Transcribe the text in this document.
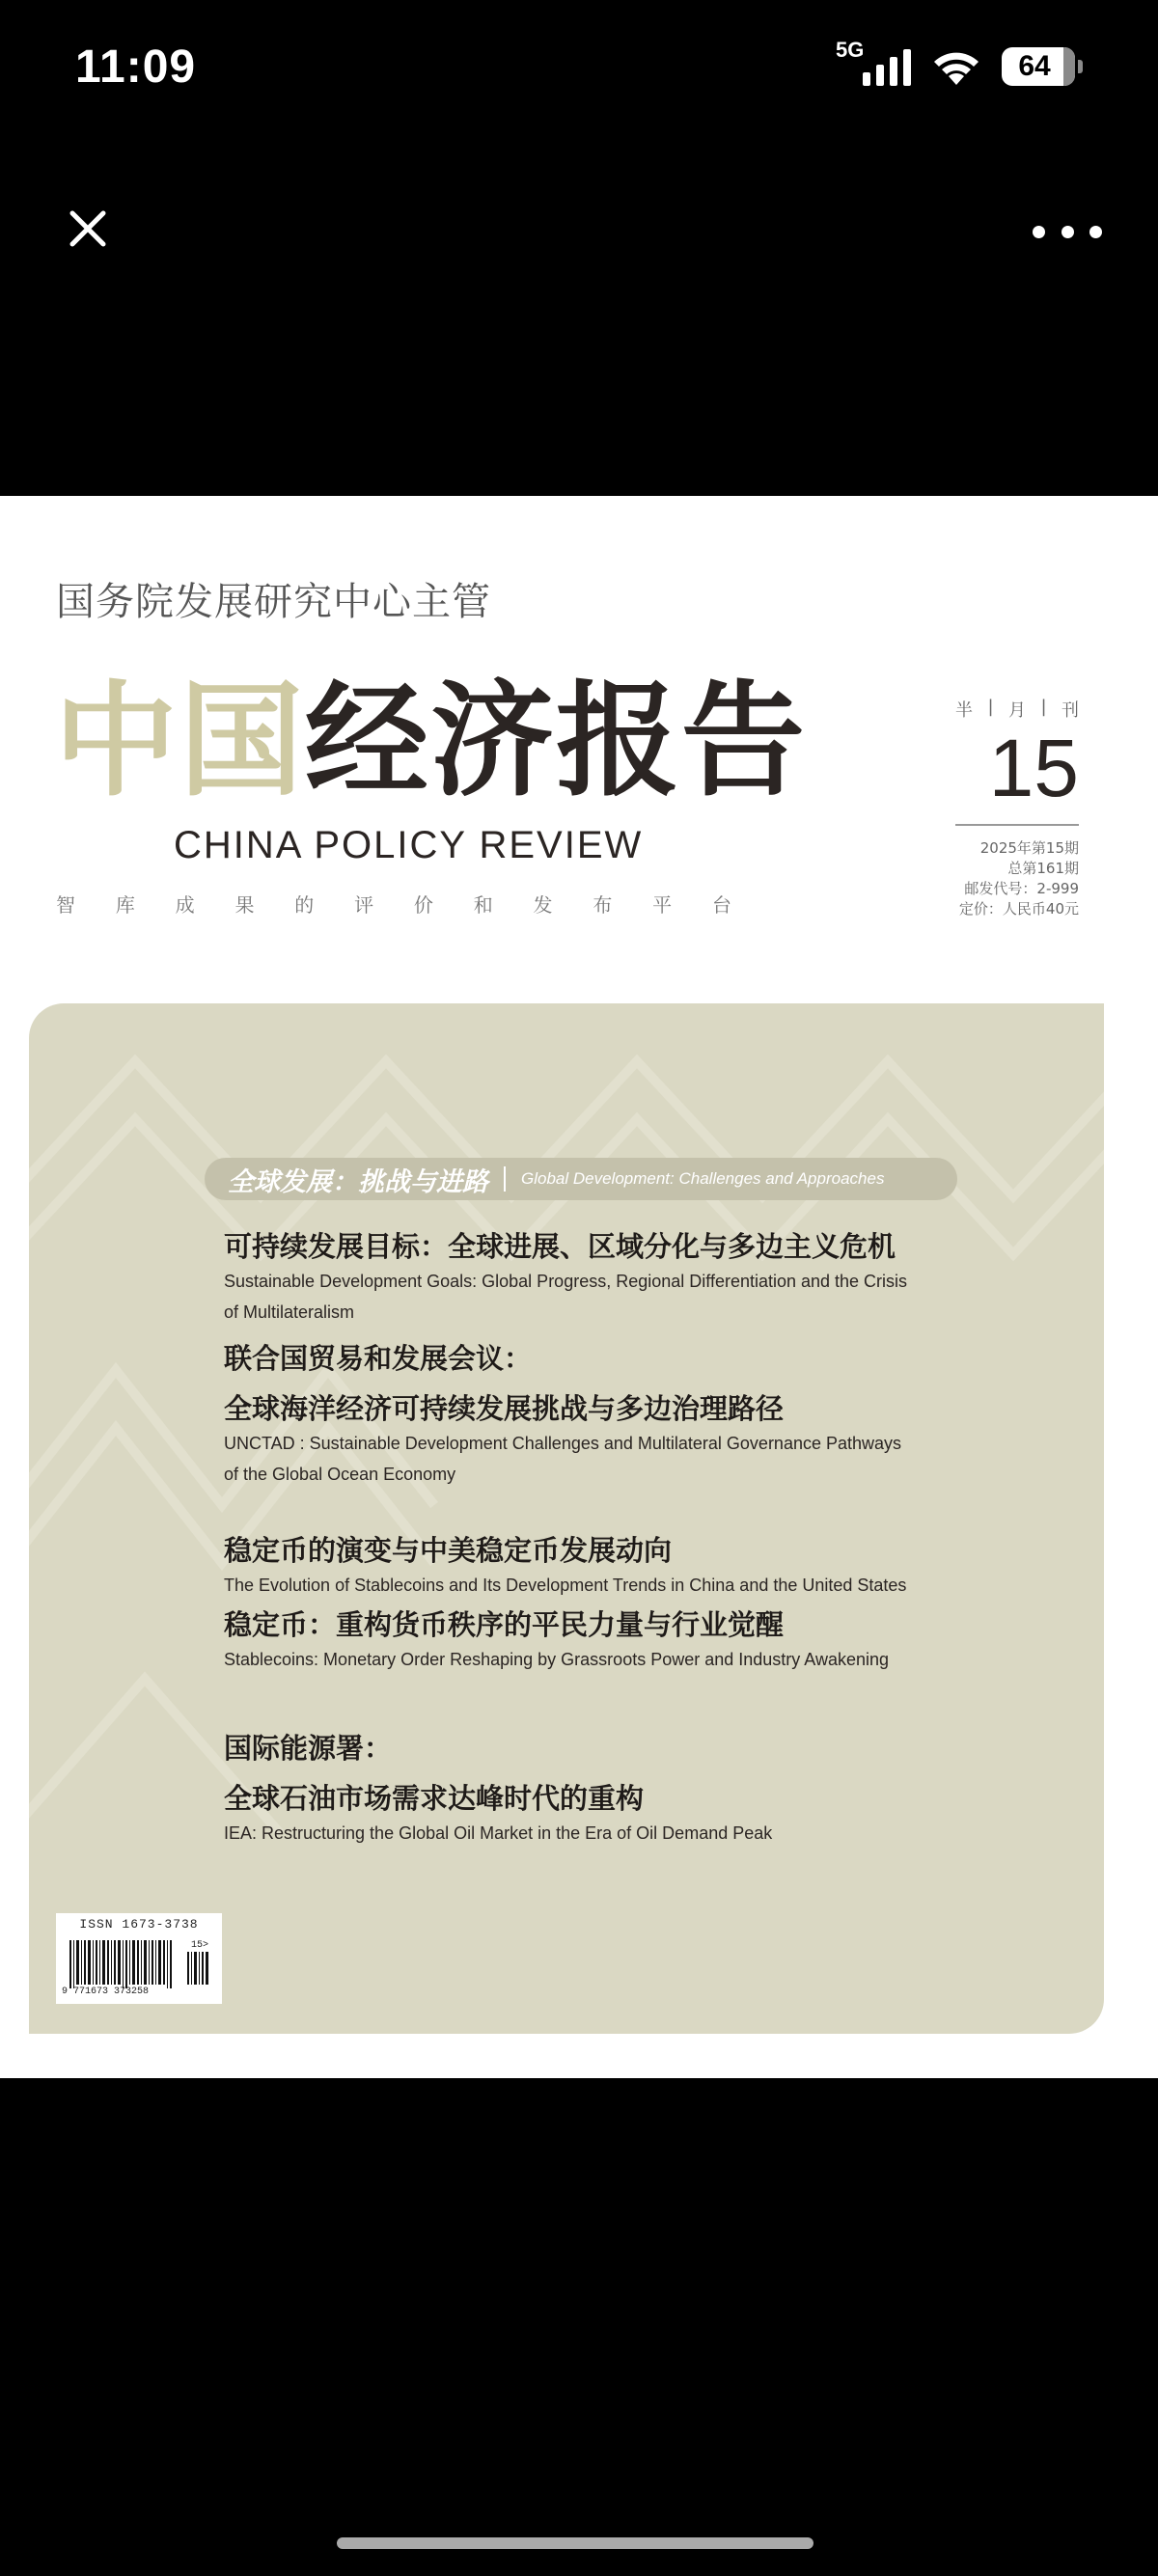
11:09	5G
64
国务院发展研究中心主管
中国经济报告
CHINA POLICY REVIEW
智 库 成 果 的 评 价 和 发 布 平 台
半 | 月 | 刊
15
2025年第15期
总第161期
邮发代号：2-999
定价：人民币40元
全球发展：挑战与进路 Global Development: Challenges and Approaches
可持续发展目标：全球进展、区域分化与多边主义危机
Sustainable Development Goals: Global Progress, Regional Differentiation and the Crisis
of Multilateralism
联合国贸易和发展会议：
全球海洋经济可持续发展挑战与多边治理路径
UNCTAD : Sustainable Development Challenges and Multilateral Governance Pathways
of the Global Ocean Economy
稳定币的演变与中美稳定币发展动向
The Evolution of Stablecoins and Its Development Trends in China and the United States
稳定币：重构货币秩序的平民力量与行业觉醒
Stablecoins: Monetary Order Reshaping by Grassroots Power and Industry Awakening
国际能源署：
全球石油市场需求达峰时代的重构
IEA: Restructuring the Global Oil Market in the Era of Oil Demand Peak
ISSN 1673-3738
15>
9 771673 373258
